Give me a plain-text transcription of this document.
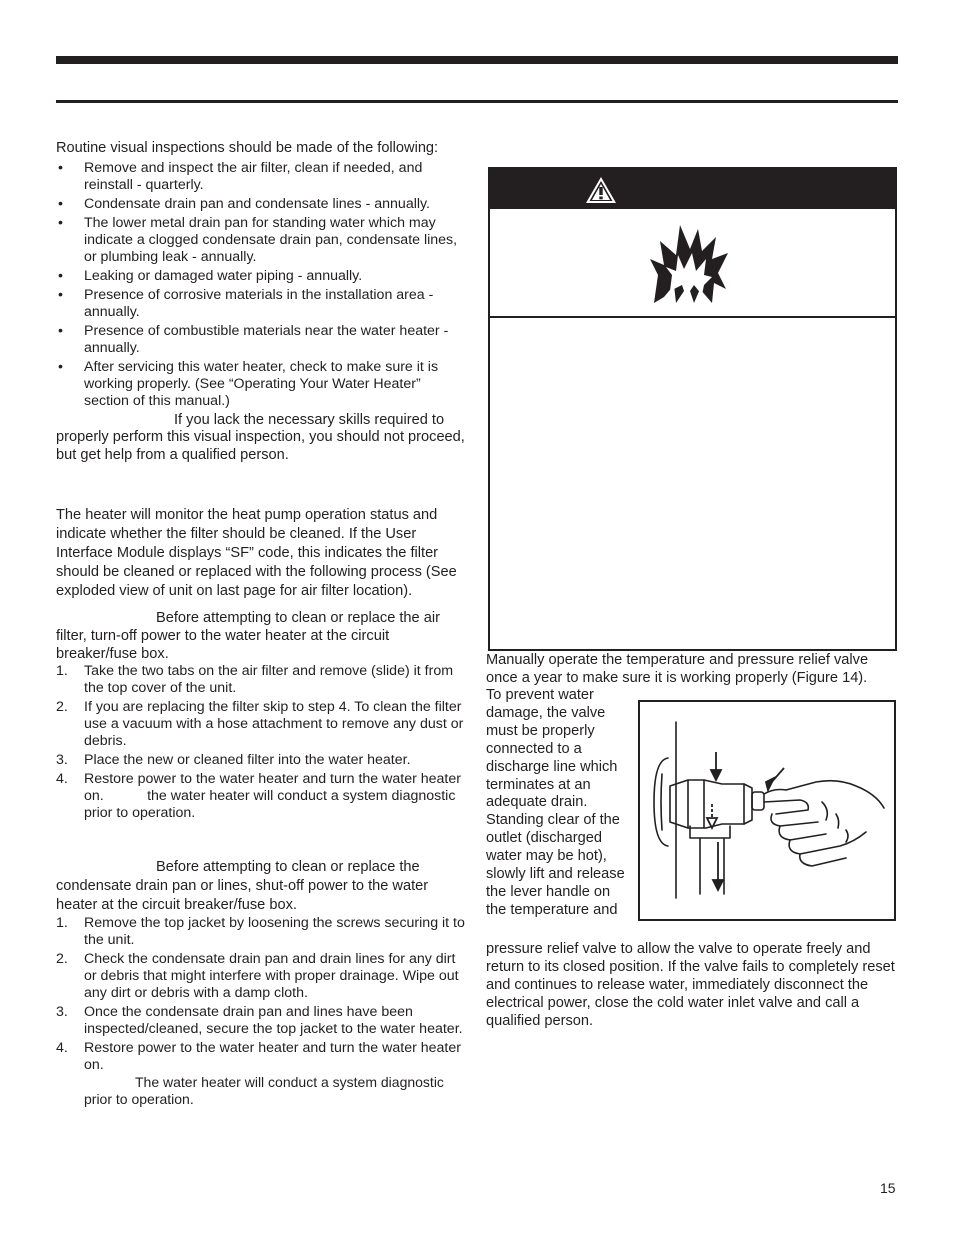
Routine visual inspections should be made of the following:

• Remove and inspect the air filter, clean if needed, and reinstall - quarterly.
• Condensate drain pan and condensate lines - annually.
• The lower metal drain pan for standing water which may indicate a clogged condensate drain pan, condensate lines, or plumbing leak - annually.
• Leaking or damaged water piping - annually.
• Presence of corrosive materials in the installation area - annually.
• Presence of combustible materials near the water heater - annually.
• After servicing this water heater, check to make sure it is working properly. (See “Operating Your Water Heater” section of this manual.)

If you lack the necessary skills required to properly perform this visual inspection, you should not proceed, but get help from a qualified person.

The heater will monitor the heat pump operation status and indicate whether the filter should be cleaned. If the User Interface Module displays “SF” code, this indicates the filter should be cleaned or replaced with the following process (See exploded view of unit on last page for air filter location).

Before attempting to clean or replace the air filter, turn-off power to the water heater at the circuit breaker/fuse box.

1. Take the two tabs on the air filter and remove (slide) it from the top cover of the unit.
2. If you are replacing the filter skip to step 4. To clean the filter use a vacuum with a hose attachment to remove any dust or debris.
3. Place the new or cleaned filter into the water heater.
4. Restore power to the water heater and turn the water heater on.           the water heater will conduct a system diagnostic prior to operation.

Before attempting to clean or replace the condensate drain pan or lines, shut-off power to the water heater at the circuit breaker/fuse box.

1. Remove the top jacket by loosening the screws securing it to the unit.
2. Check the condensate drain pan and drain lines for any dirt or debris that might interfere with proper drainage. Wipe out any dirt or debris with a damp cloth.
3. Once the condensate drain pan and lines have been inspected/cleaned, secure the top jacket to the water heater.
4. Restore power to the water heater and turn the water heater on.

The water heater will conduct a system diagnostic prior to operation.

Manually operate the temperature and pressure relief valve once a year to make sure it is working properly (Figure 14).

To prevent water damage, the valve must be properly connected to a discharge line which terminates at an adequate drain. Standing clear of the outlet (discharged water may be hot), slowly lift and release the lever handle on the temperature and

pressure relief valve to allow the valve to operate freely and return to its closed position. If the valve fails to completely reset and continues to release water, immediately disconnect the electrical power, close the cold water inlet valve and call a qualified person.

15
